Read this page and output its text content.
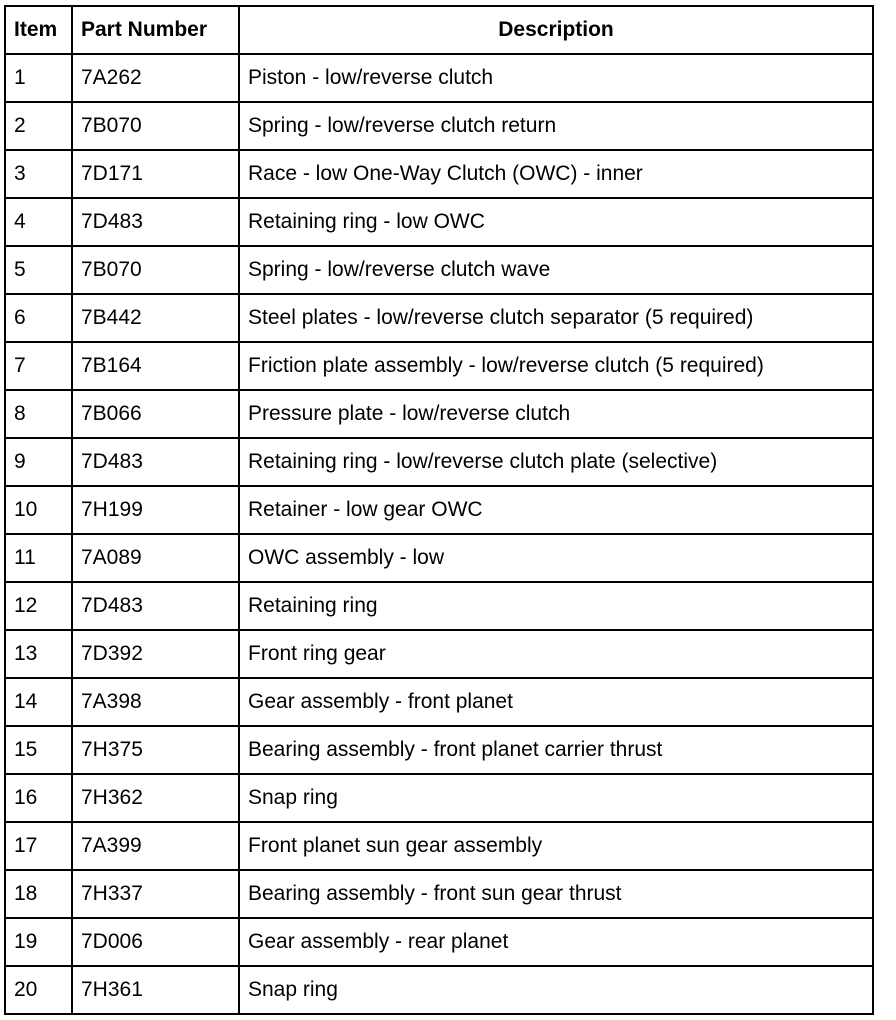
Item	Part Number	Description
1	7A262	Piston - low/reverse clutch
2	7B070	Spring - low/reverse clutch return
3	7D171	Race - low One-Way Clutch (OWC) - inner
4	7D483	Retaining ring - low OWC
5	7B070	Spring - low/reverse clutch wave
6	7B442	Steel plates - low/reverse clutch separator (5 required)
7	7B164	Friction plate assembly - low/reverse clutch (5 required)
8	7B066	Pressure plate - low/reverse clutch
9	7D483	Retaining ring - low/reverse clutch plate (selective)
10	7H199	Retainer - low gear OWC
11	7A089	OWC assembly - low
12	7D483	Retaining ring
13	7D392	Front ring gear
14	7A398	Gear assembly - front planet
15	7H375	Bearing assembly - front planet carrier thrust
16	7H362	Snap ring
17	7A399	Front planet sun gear assembly
18	7H337	Bearing assembly - front sun gear thrust
19	7D006	Gear assembly - rear planet
20	7H361	Snap ring
